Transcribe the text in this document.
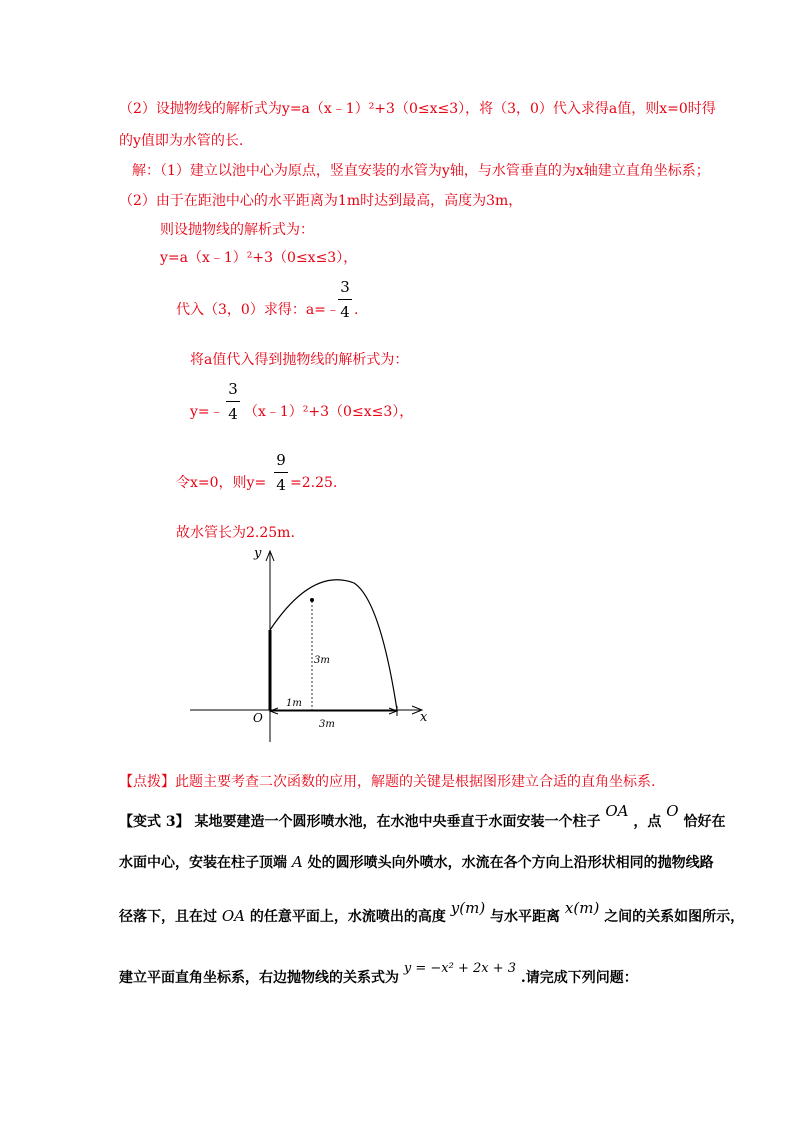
（2）设抛物线的解析式为y=a（x﹣1）²+3（0≤x≤3），将（3，0）代入求得a值，则x=0时得
的y值即为水管的长.
解：（1）建立以池中心为原点，竖直安装的水管为y轴，与水管垂直的为x轴建立直角坐标系；
（2）由于在距池中心的水平距离为1m时达到最高，高度为3m，
则设抛物线的解析式为：
y=a（x﹣1）²+3（0≤x≤3），
代入（3，0）求得：a=﹣
3
4 .
将a值代入得到抛物线的解析式为：
y=﹣
3
4 （x﹣1）²+3（0≤x≤3），
令x=0，则y=
9
4 =2.25.
故水管长为2.25m.
y
x
O
3m
1m
3m
【点拨】此题主要考查二次函数的应用，解题的关键是根据图形建立合适的直角坐标系.
【变式 3】 某地要建造一个圆形喷水池，在水池中央垂直于水面安装一个柱子 OA ，点 O 恰好在
水面中心，安装在柱子顶端 A 处的圆形喷头向外喷水，水流在各个方向上沿形状相同的抛物线路
径落下，且在过 OA 的任意平面上，水流喷出的高度 y(m) 与水平距离 x(m) 之间的关系如图所示，
建立平面直角坐标系，右边抛物线的关系式为 y = −x² + 2x + 3 .请完成下列问题：
